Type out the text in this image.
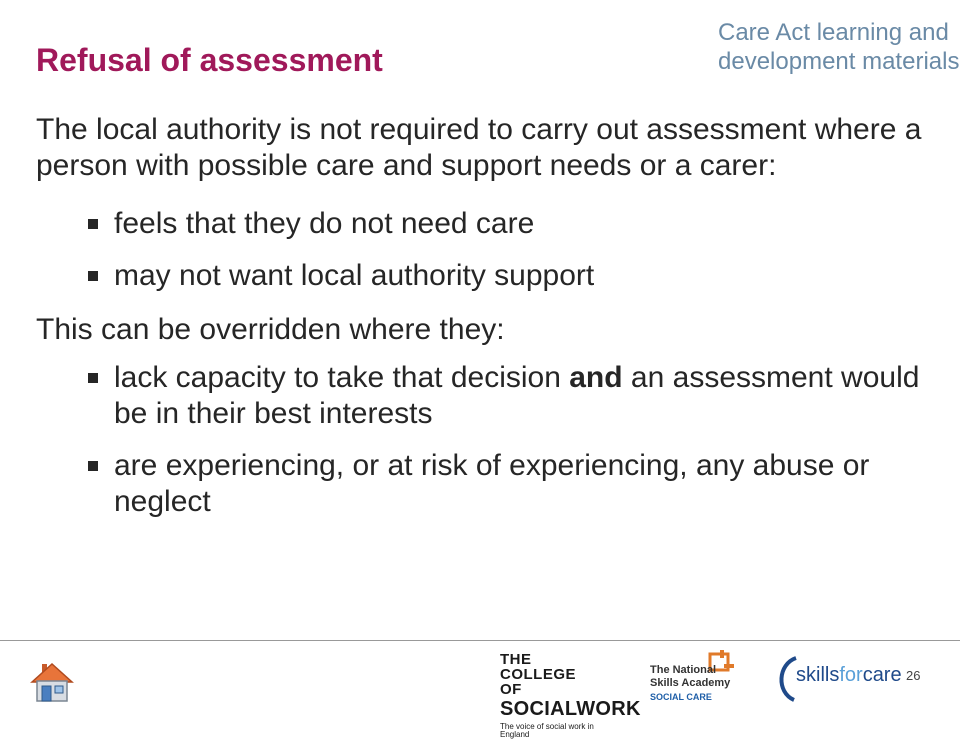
Refusal of assessment
Care Act learning and
development materials

The local authority is not required to carry out assessment where a person with possible care and support needs or a carer:

feels that they do not need care
may not want local authority support

This can be overridden where they:

lack capacity to take that decision and an assessment would be in their best interests
are experiencing, or at risk of experiencing, any abuse or neglect
THE COLLEGE OF
SOCIALWORK
The voice of social work in England
The National
Skills Academy
SOCIAL CARE
skillsforcare 26
